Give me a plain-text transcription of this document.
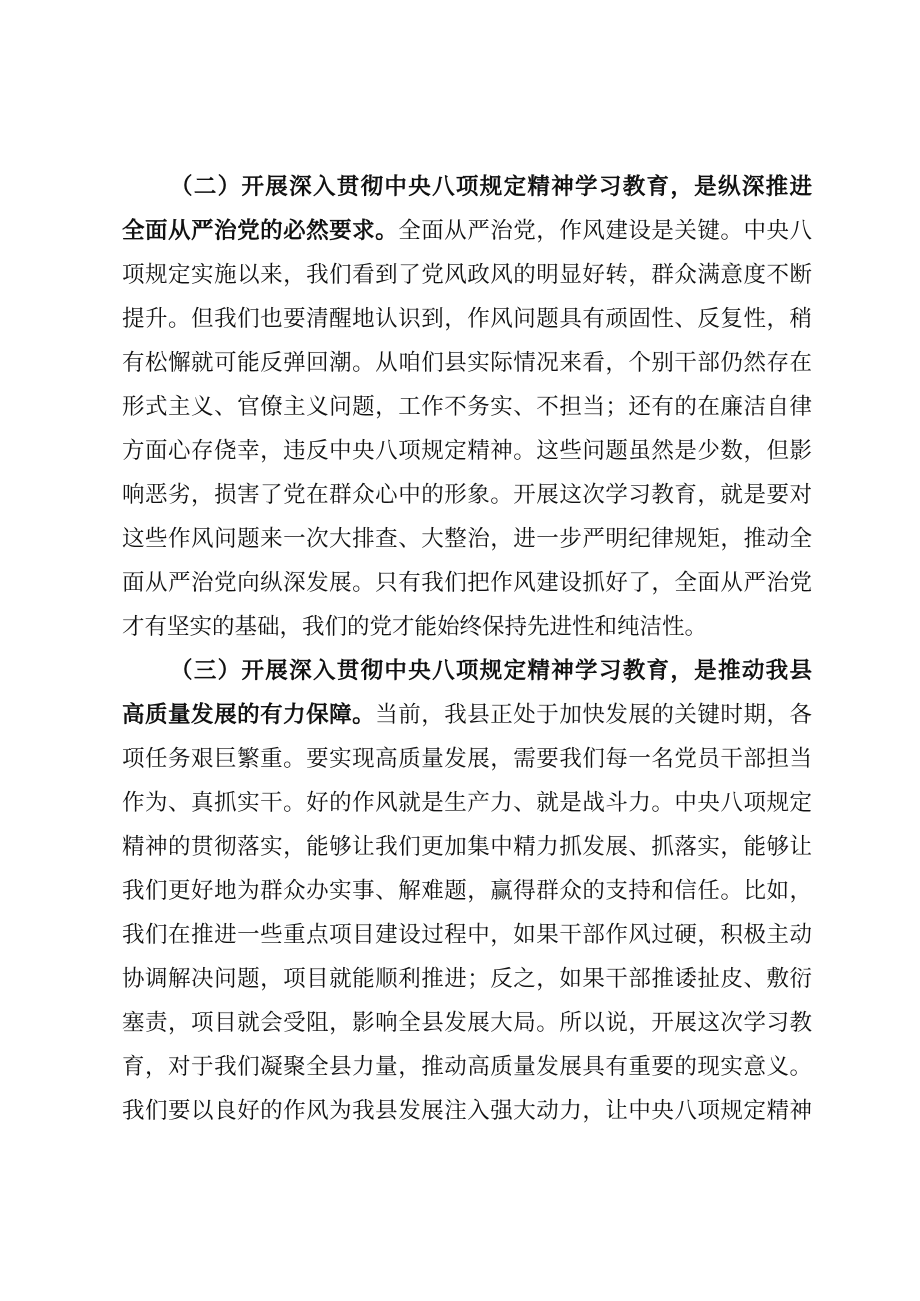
（二）开展深入贯彻中央八项规定精神学习教育，是纵深推进
全面从严治党的必然要求。全面从严治党，作风建设是关键。中央八
项规定实施以来，我们看到了党风政风的明显好转，群众满意度不断
提升。但我们也要清醒地认识到，作风问题具有顽固性、反复性，稍
有松懈就可能反弹回潮。从咱们县实际情况来看，个别干部仍然存在
形式主义、官僚主义问题，工作不务实、不担当；还有的在廉洁自律
方面心存侥幸，违反中央八项规定精神。这些问题虽然是少数，但影
响恶劣，损害了党在群众心中的形象。开展这次学习教育，就是要对
这些作风问题来一次大排查、大整治，进一步严明纪律规矩，推动全
面从严治党向纵深发展。只有我们把作风建设抓好了，全面从严治党
才有坚实的基础，我们的党才能始终保持先进性和纯洁性。
（三）开展深入贯彻中央八项规定精神学习教育，是推动我县
高质量发展的有力保障。当前，我县正处于加快发展的关键时期，各
项任务艰巨繁重。要实现高质量发展，需要我们每一名党员干部担当
作为、真抓实干。好的作风就是生产力、就是战斗力。中央八项规定
精神的贯彻落实，能够让我们更加集中精力抓发展、抓落实，能够让
我们更好地为群众办实事、解难题，赢得群众的支持和信任。比如，
我们在推进一些重点项目建设过程中，如果干部作风过硬，积极主动
协调解决问题，项目就能顺利推进；反之，如果干部推诿扯皮、敷衍
塞责，项目就会受阻，影响全县发展大局。所以说，开展这次学习教
育，对于我们凝聚全县力量，推动高质量发展具有重要的现实意义。
我们要以良好的作风为我县发展注入强大动力，让中央八项规定精神
